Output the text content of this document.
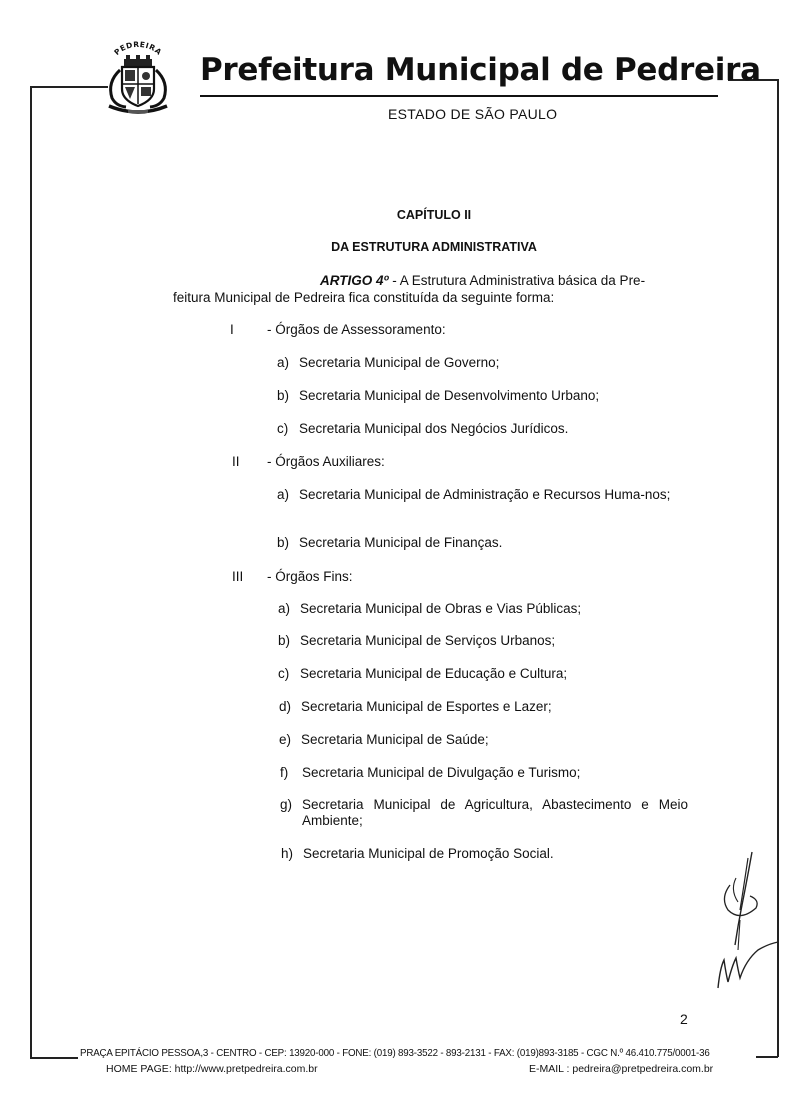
PEDREIRA
Prefeitura Municipal de Pedreira
ESTADO DE SÃO PAULO
CAPÍTULO II
DA ESTRUTURA ADMINISTRATIVA
ARTIGO 4º - A Estrutura Administrativa básica da Pre-
feitura Municipal de Pedreira fica constituída da seguinte forma:
I - Órgãos de Assessoramento:
a) Secretaria Municipal de Governo;
b) Secretaria Municipal de Desenvolvimento Urbano;
c) Secretaria Municipal dos Negócios Jurídicos.
II - Órgãos Auxiliares:
a) Secretaria Municipal de Administração e Recursos Huma-nos;
b) Secretaria Municipal de Finanças.
III - Órgãos Fins:
a) Secretaria Municipal de Obras e Vias Públicas;
b) Secretaria Municipal de Serviços Urbanos;
c) Secretaria Municipal de Educação e Cultura;
d) Secretaria Municipal de Esportes e Lazer;
e) Secretaria Municipal de Saúde;
f)	Secretaria Municipal de Divulgação e Turismo;
g) Secretaria Municipal de Agricultura, Abastecimento e Meio Ambiente;
h) Secretaria Municipal de Promoção Social.
2
PRAÇA EPITÁCIO PESSOA,3 - CENTRO - CEP: 13920-000 - FONE: (019) 893-3522 - 893-2131 - FAX: (019)893-3185 - CGC N.º 46.410.775/0001-36
HOME PAGE: http://www.pretpedreira.com.br	E-MAIL : pedreira@pretpedreira.com.br
